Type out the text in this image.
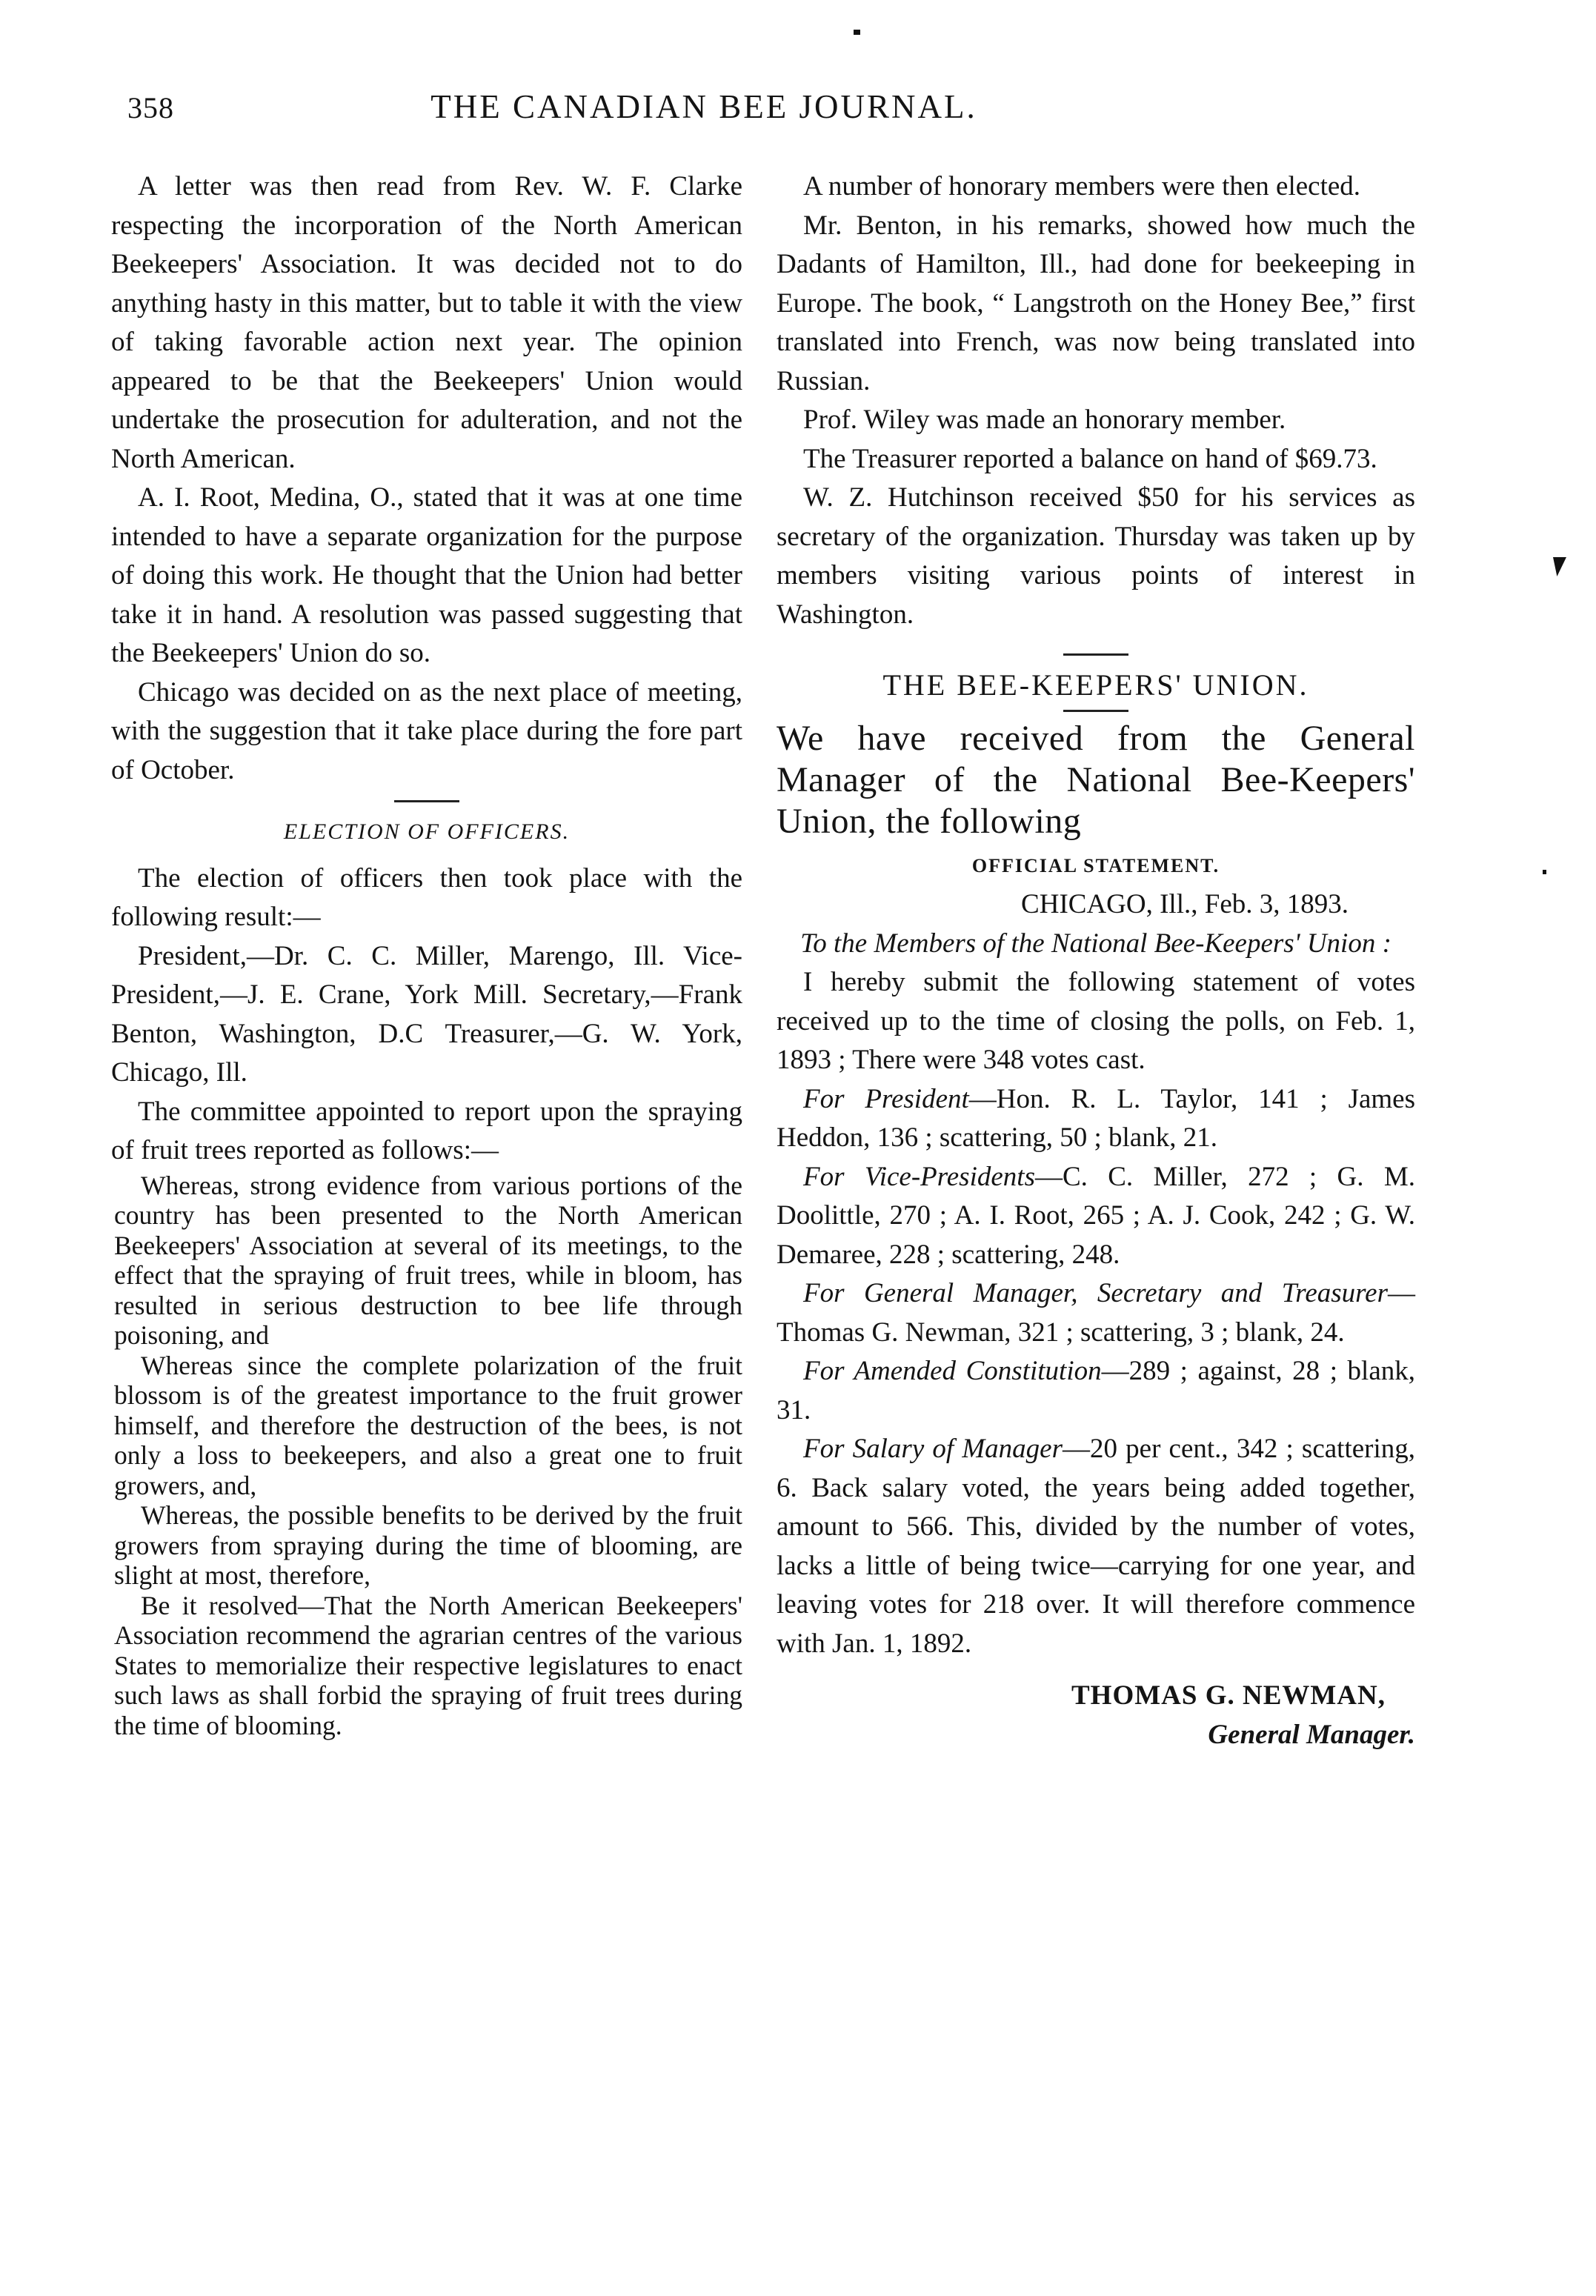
358	THE CANADIAN BEE JOURNAL.

A letter was then read from Rev. W. F. Clarke respecting the incorporation of the North American Beekeepers' Association. It was decided not to do anything hasty in this matter, but to table it with the view of taking favorable action next year. The opinion appeared to be that the Beekeepers' Union would undertake the prosecution for adulteration, and not the North American.

A. I. Root, Medina, O., stated that it was at one time intended to have a separate organization for the purpose of doing this work. He thought that the Union had better take it in hand. A resolution was passed suggesting that the Beekeepers' Union do so.

Chicago was decided on as the next place of meeting, with the suggestion that it take place during the fore part of October.

ELECTION OF OFFICERS.

The election of officers then took place with the following result:—

President,—Dr. C. C. Miller, Marengo, Ill. Vice-President,—J. E. Crane, York Mill. Secretary,—Frank Benton, Washington, D.C Treasurer,—G. W. York, Chicago, Ill.

The committee appointed to report upon the spraying of fruit trees reported as follows:—

Whereas, strong evidence from various portions of the country has been presented to the North American Beekeepers' Association at several of its meetings, to the effect that the spraying of fruit trees, while in bloom, has resulted in serious destruction to bee life through poisoning, and

Whereas since the complete polarization of the fruit blossom is of the greatest importance to the fruit grower himself, and therefore the destruction of the bees, is not only a loss to beekeepers, and also a great one to fruit growers, and,

Whereas, the possible benefits to be derived by the fruit growers from spraying during the time of blooming, are slight at most, therefore,

Be it resolved—That the North American Beekeepers' Association recommend the agrarian centres of the various States to memorialize their respective legislatures to enact such laws as shall forbid the spraying of fruit trees during the time of blooming.

A number of honorary members were then elected.

Mr. Benton, in his remarks, showed how much the Dadants of Hamilton, Ill., had done for beekeeping in Europe. The book, “ Langstroth on the Honey Bee,” first translated into French, was now being translated into Russian.

Prof. Wiley was made an honorary member.

The Treasurer reported a balance on hand of $69.73.

W. Z. Hutchinson received $50 for his services as secretary of the organization. Thursday was taken up by members visiting various points of interest in Washington.

THE BEE-KEEPERS' UNION.

We have received from the General Manager of the National Bee-Keepers' Union, the following

OFFICIAL STATEMENT.

CHICAGO, Ill., Feb. 3, 1893.

To the Members of the National Bee-Keepers' Union :

I hereby submit the following statement of votes received up to the time of closing the polls, on Feb. 1, 1893 ; There were 348 votes cast.

For President—Hon. R. L. Taylor, 141 ; James Heddon, 136 ; scattering, 50 ; blank, 21.

For Vice-Presidents—C. C. Miller, 272 ; G. M. Doolittle, 270 ; A. I. Root, 265 ; A. J. Cook, 242 ; G. W. Demaree, 228 ; scattering, 248.

For General Manager, Secretary and Treasurer—Thomas G. Newman, 321 ; scattering, 3 ; blank, 24.

For Amended Constitution—289 ; against, 28 ; blank, 31.

For Salary of Manager—20 per cent., 342 ; scattering, 6. Back salary voted, the years being added together, amount to 566. This, divided by the number of votes, lacks a little of being twice—carrying for one year, and leaving votes for 218 over. It will therefore commence with Jan. 1, 1892.

THOMAS G. NEWMAN,

General Manager.
